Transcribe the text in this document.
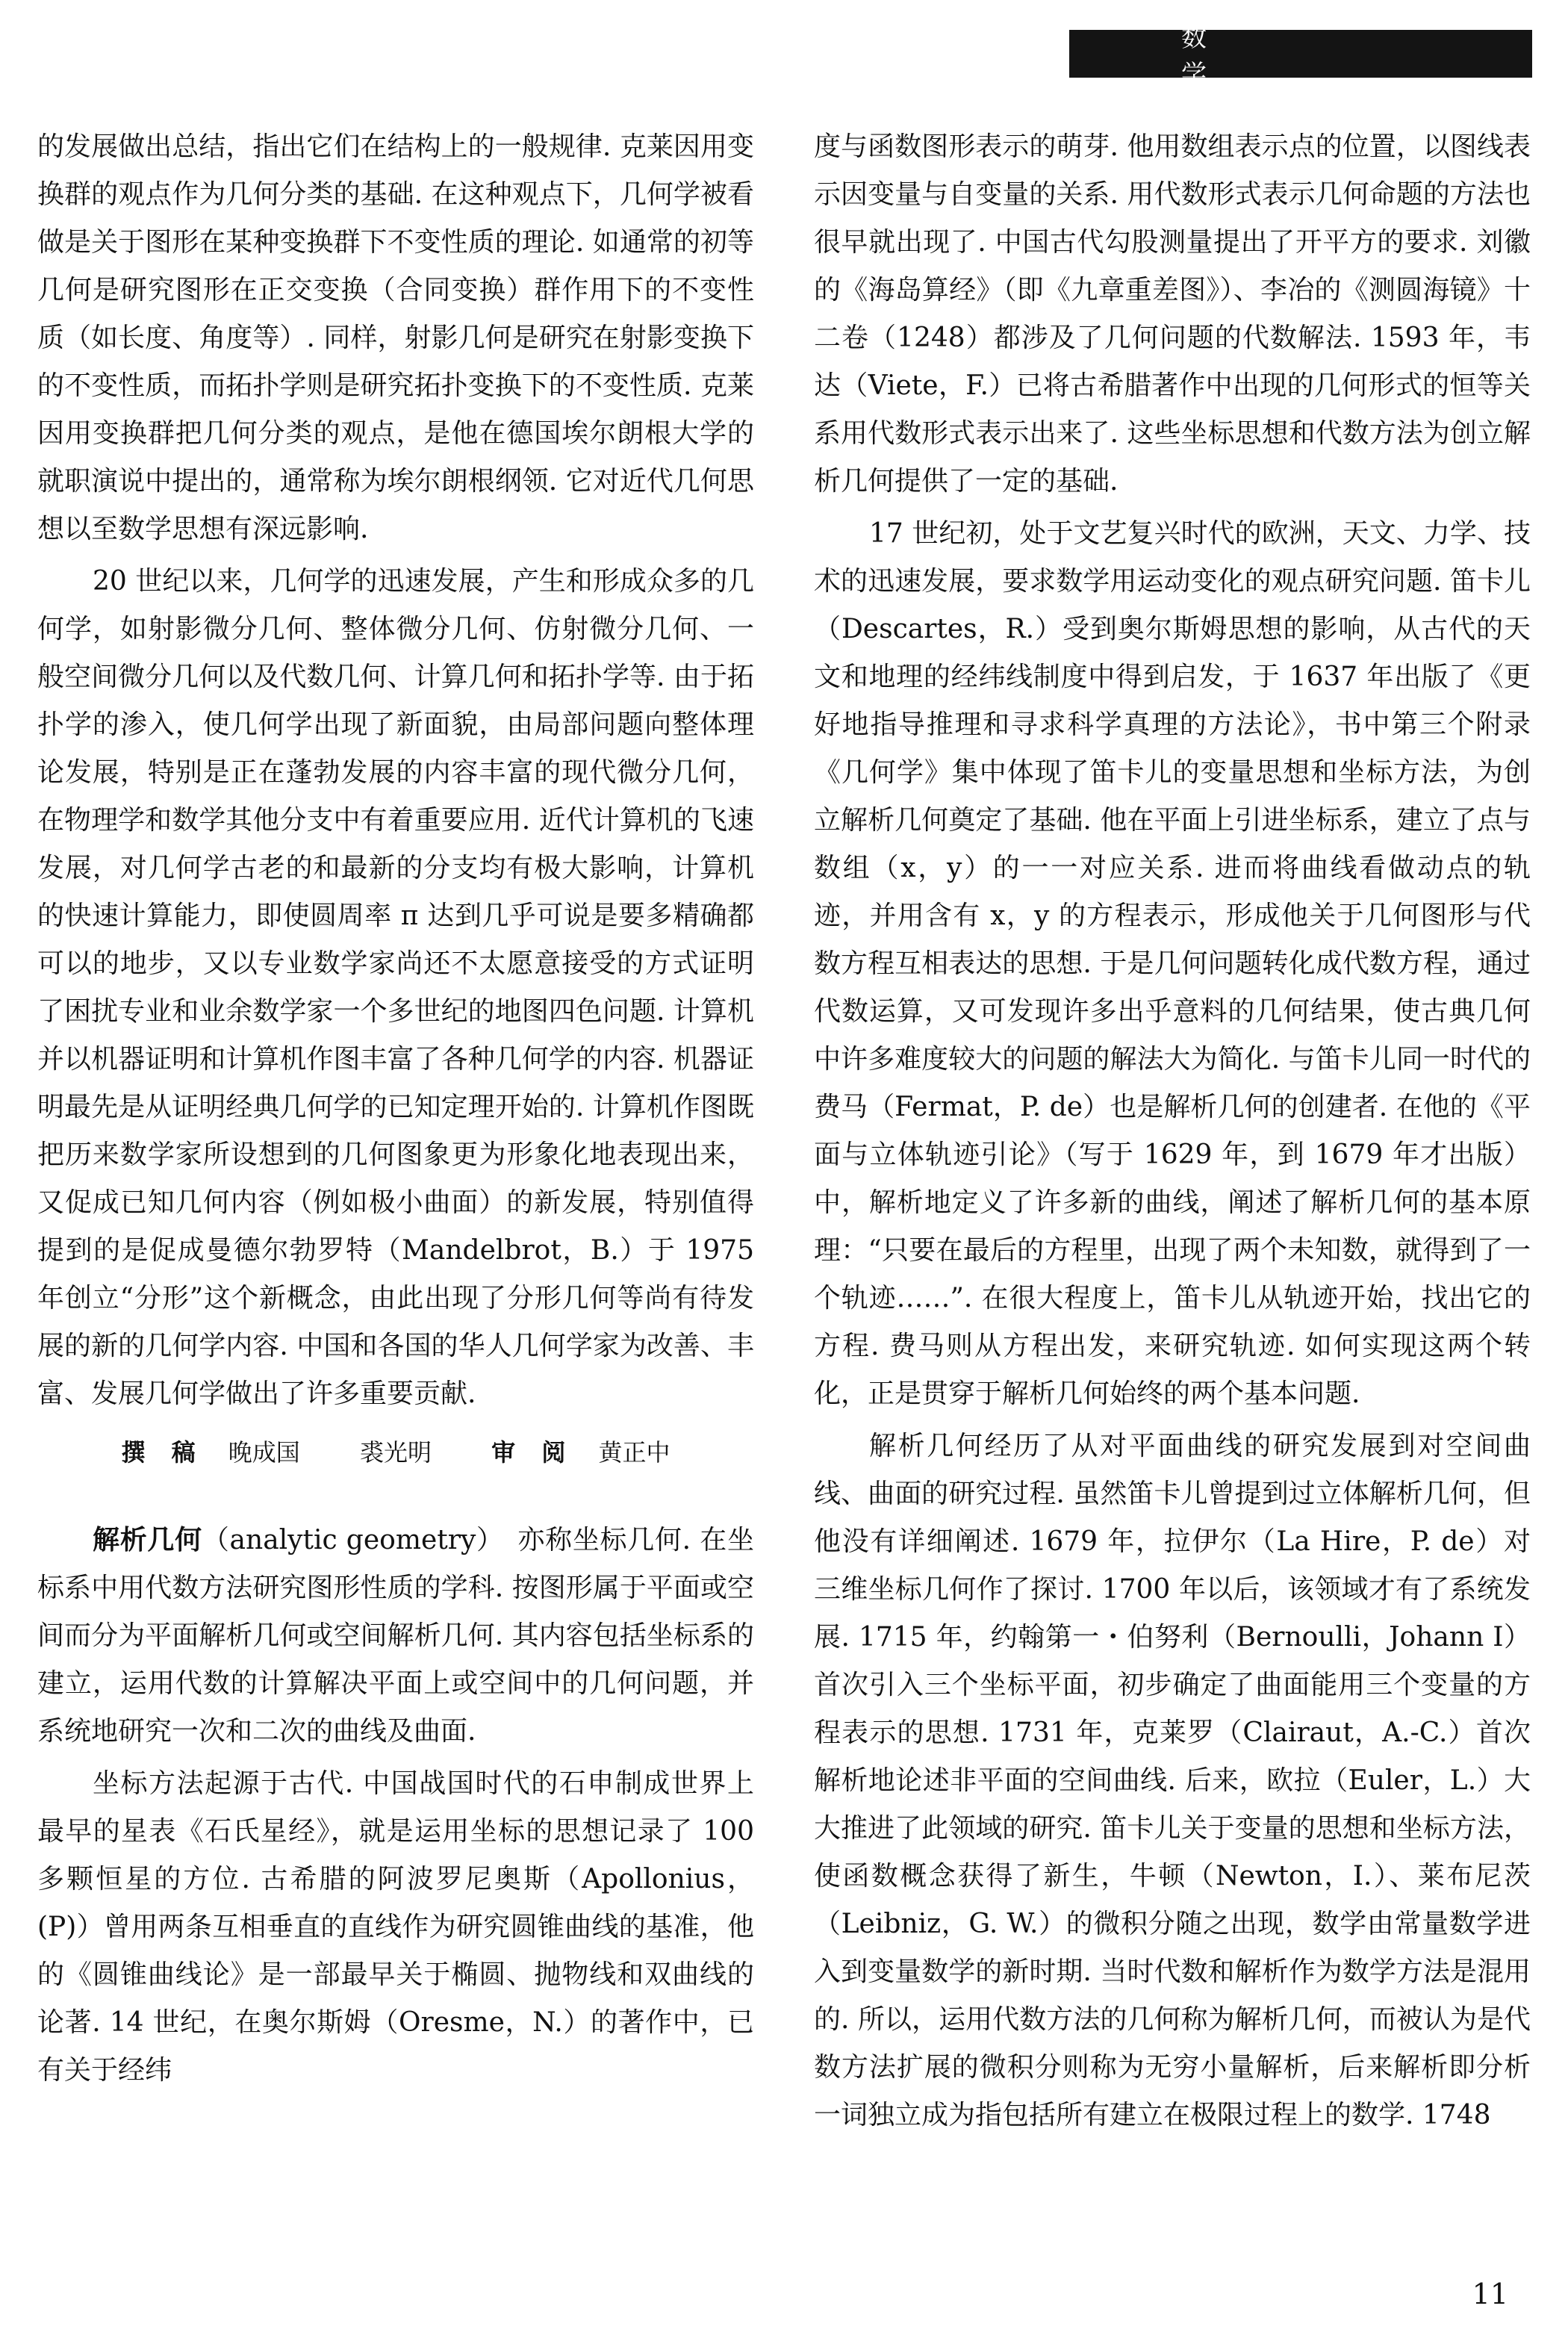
数　学

的发展做出总结，指出它们在结构上的一般规律. 克莱因用变换群的观点作为几何分类的基础. 在这种观点下，几何学被看做是关于图形在某种变换群下不变性质的理论. 如通常的初等几何是研究图形在正交变换（合同变换）群作用下的不变性质（如长度、角度等）. 同样，射影几何是研究在射影变换下的不变性质，而拓扑学则是研究拓扑变换下的不变性质. 克莱因用变换群把几何分类的观点，是他在德国埃尔朗根大学的就职演说中提出的，通常称为埃尔朗根纲领. 它对近代几何思想以至数学思想有深远影响.

20 世纪以来，几何学的迅速发展，产生和形成众多的几何学，如射影微分几何、整体微分几何、仿射微分几何、一般空间微分几何以及代数几何、计算几何和拓扑学等. 由于拓扑学的渗入，使几何学出现了新面貌，由局部问题向整体理论发展，特别是正在蓬勃发展的内容丰富的现代微分几何，在物理学和数学其他分支中有着重要应用. 近代计算机的飞速发展，对几何学古老的和最新的分支均有极大影响，计算机的快速计算能力，即使圆周率 π 达到几乎可说是要多精确都可以的地步，又以专业数学家尚还不太愿意接受的方式证明了困扰专业和业余数学家一个多世纪的地图四色问题. 计算机并以机器证明和计算机作图丰富了各种几何学的内容. 机器证明最先是从证明经典几何学的已知定理开始的. 计算机作图既把历来数学家所设想到的几何图象更为形象化地表现出来，又促成已知几何内容（例如极小曲面）的新发展，特别值得提到的是促成曼德尔勃罗特（Mandelbrot，B.）于 1975 年创立“分形”这个新概念，由此出现了分形几何等尚有待发展的新的几何学内容. 中国和各国的华人几何学家为改善、丰富、发展几何学做出了许多重要贡献.

撰 稿 晚成国	裘光明	审 阅 黄正中

解析几何（analytic geometry）　亦称坐标几何. 在坐标系中用代数方法研究图形性质的学科. 按图形属于平面或空间而分为平面解析几何或空间解析几何. 其内容包括坐标系的建立，运用代数的计算解决平面上或空间中的几何问题，并系统地研究一次和二次的曲线及曲面.

坐标方法起源于古代. 中国战国时代的石申制成世界上最早的星表《石氏星经》，就是运用坐标的思想记录了 100 多颗恒星的方位. 古希腊的阿波罗尼奥斯（Apollonius，(P)）曾用两条互相垂直的直线作为研究圆锥曲线的基准，他的《圆锥曲线论》是一部最早关于椭圆、抛物线和双曲线的论著. 14 世纪，在奥尔斯姆（Oresme，N.）的著作中，已有关于经纬

度与函数图形表示的萌芽. 他用数组表示点的位置，以图线表示因变量与自变量的关系. 用代数形式表示几何命题的方法也很早就出现了. 中国古代勾股测量提出了开平方的要求. 刘徽的《海岛算经》（即《九章重差图》）、李冶的《测圆海镜》十二卷（1248）都涉及了几何问题的代数解法. 1593 年，韦达（Viete，F.）已将古希腊著作中出现的几何形式的恒等关系用代数形式表示出来了. 这些坐标思想和代数方法为创立解析几何提供了一定的基础.

17 世纪初，处于文艺复兴时代的欧洲，天文、力学、技术的迅速发展，要求数学用运动变化的观点研究问题. 笛卡儿（Descartes，R.）受到奥尔斯姆思想的影响，从古代的天文和地理的经纬线制度中得到启发，于 1637 年出版了《更好地指导推理和寻求科学真理的方法论》，书中第三个附录《几何学》集中体现了笛卡儿的变量思想和坐标方法，为创立解析几何奠定了基础. 他在平面上引进坐标系，建立了点与数组（x，y）的一一对应关系. 进而将曲线看做动点的轨迹，并用含有 x，y 的方程表示，形成他关于几何图形与代数方程互相表达的思想. 于是几何问题转化成代数方程，通过代数运算，又可发现许多出乎意料的几何结果，使古典几何中许多难度较大的问题的解法大为简化. 与笛卡儿同一时代的费马（Fermat，P. de）也是解析几何的创建者. 在他的《平面与立体轨迹引论》（写于 1629 年，到 1679 年才出版）中，解析地定义了许多新的曲线，阐述了解析几何的基本原理：“只要在最后的方程里，出现了两个未知数，就得到了一个轨迹……”. 在很大程度上，笛卡儿从轨迹开始，找出它的方程. 费马则从方程出发，来研究轨迹. 如何实现这两个转化，正是贯穿于解析几何始终的两个基本问题.

解析几何经历了从对平面曲线的研究发展到对空间曲线、曲面的研究过程. 虽然笛卡儿曾提到过立体解析几何，但他没有详细阐述. 1679 年，拉伊尔（La Hire，P. de）对三维坐标几何作了探讨. 1700 年以后，该领域才有了系统发展. 1715 年，约翰第一・伯努利（Bernoulli，Johann Ⅰ）首次引入三个坐标平面，初步确定了曲面能用三个变量的方程表示的思想. 1731 年，克莱罗（Clairaut，A.-C.）首次解析地论述非平面的空间曲线. 后来，欧拉（Euler，L.）大大推进了此领域的研究. 笛卡儿关于变量的思想和坐标方法，使函数概念获得了新生，牛顿（Newton，I.）、莱布尼茨（Leibniz，G. W.）的微积分随之出现，数学由常量数学进入到变量数学的新时期. 当时代数和解析作为数学方法是混用的. 所以，运用代数方法的几何称为解析几何，而被认为是代数方法扩展的微积分则称为无穷小量解析，后来解析即分析一词独立成为指包括所有建立在极限过程上的数学. 1748

11
